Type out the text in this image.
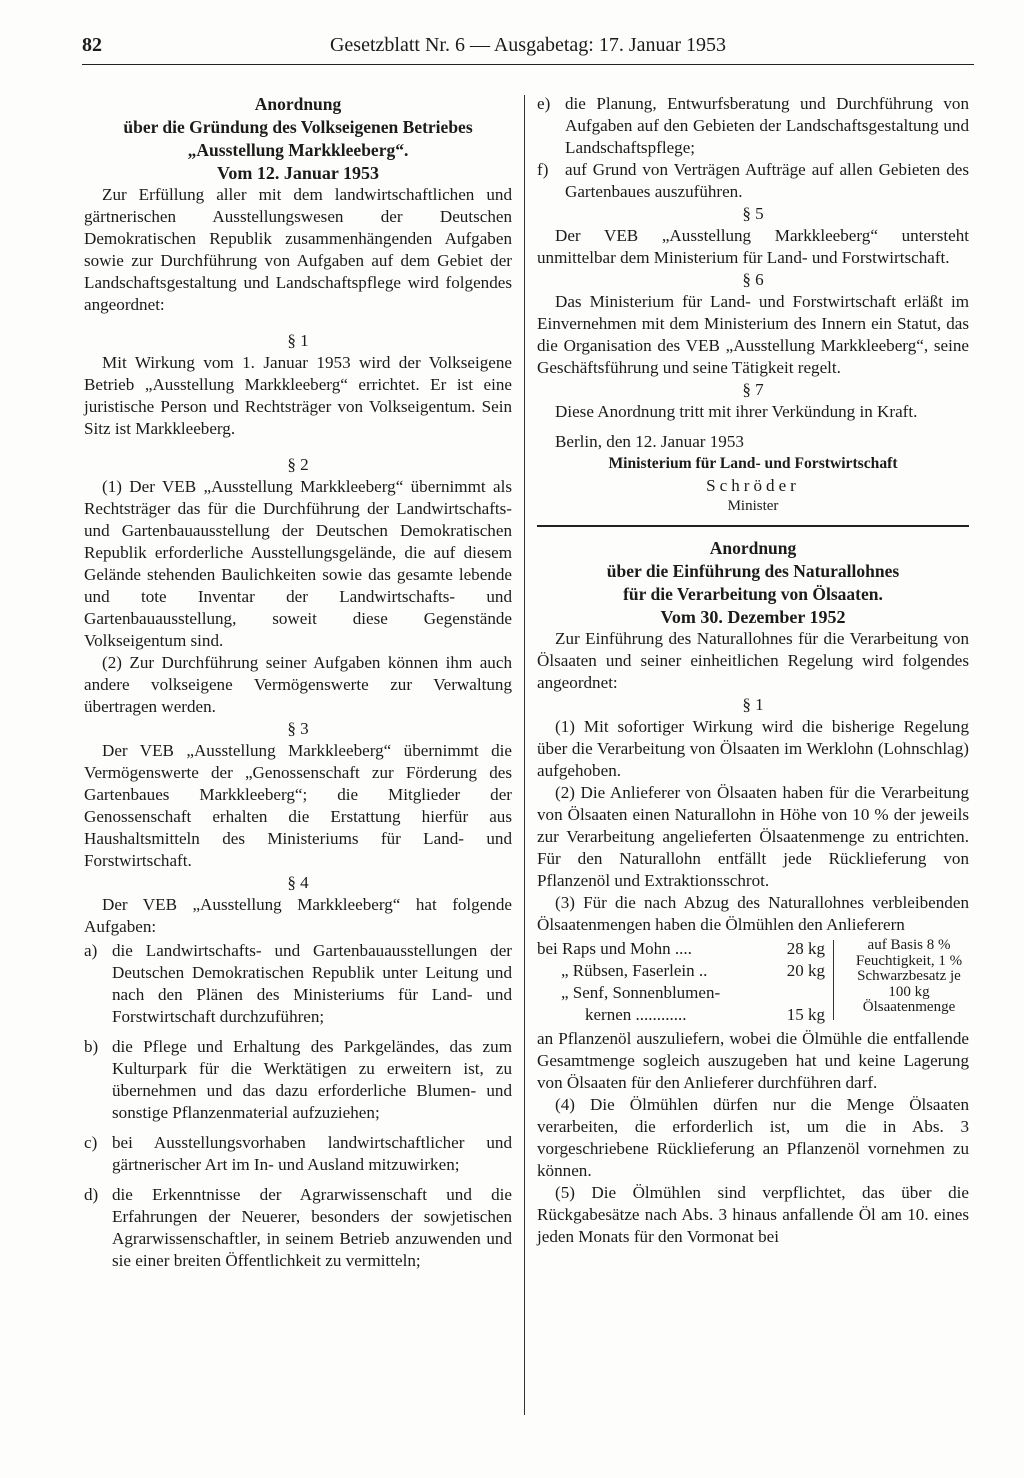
82	Gesetzblatt Nr. 6 — Ausgabetag: 17. Januar 1953

Anordnung

über die Gründung des Volkseigenen Betriebes

„Ausstellung Markkleeberg“.

Vom 12. Januar 1953

Zur Erfüllung aller mit dem landwirtschaftlichen und gärtnerischen Ausstellungswesen der Deutschen Demokratischen Republik zusammenhängenden Aufgaben sowie zur Durchführung von Aufgaben auf dem Gebiet der Landschaftsgestaltung und Landschaftspflege wird folgendes angeordnet:

§ 1

Mit Wirkung vom 1. Januar 1953 wird der Volkseigene Betrieb „Ausstellung Markkleeberg“ errichtet. Er ist eine juristische Person und Rechtsträger von Volkseigentum. Sein Sitz ist Markkleeberg.

§ 2

(1) Der VEB „Ausstellung Markkleeberg“ übernimmt als Rechtsträger das für die Durchführung der Landwirtschafts- und Gartenbauausstellung der Deutschen Demokratischen Republik erforderliche Ausstellungsgelände, die auf diesem Gelände stehenden Baulichkeiten sowie das gesamte lebende und tote Inventar der Landwirtschafts- und Gartenbauausstellung, soweit diese Gegenstände Volkseigentum sind.

(2) Zur Durchführung seiner Aufgaben können ihm auch andere volkseigene Vermögenswerte zur Verwaltung übertragen werden.

§ 3

Der VEB „Ausstellung Markkleeberg“ übernimmt die Vermögenswerte der „Genossenschaft zur Förderung des Gartenbaues Markkleeberg“; die Mitglieder der Genossenschaft erhalten die Erstattung hierfür aus Haushaltsmitteln des Ministeriums für Land- und Forstwirtschaft.

§ 4

Der VEB „Ausstellung Markkleeberg“ hat folgende Aufgaben:

a) die Landwirtschafts- und Gartenbauausstellungen der Deutschen Demokratischen Republik unter Leitung und nach den Plänen des Ministeriums für Land- und Forstwirtschaft durchzuführen;
b) die Pflege und Erhaltung des Parkgeländes, das zum Kulturpark für die Werktätigen zu erweitern ist, zu übernehmen und das dazu erforderliche Blumen- und sonstige Pflanzenmaterial aufzuziehen;
c) bei Ausstellungsvorhaben landwirtschaftlicher und gärtnerischer Art im In- und Ausland mitzuwirken;
d) die Erkenntnisse der Agrarwissenschaft und die Erfahrungen der Neuerer, besonders der sowjetischen Agrarwissenschaftler, in seinem Betrieb anzuwenden und sie einer breiten Öffentlichkeit zu vermitteln;
e) die Planung, Entwurfsberatung und Durchführung von Aufgaben auf den Gebieten der Landschaftsgestaltung und Landschaftspflege;
f) auf Grund von Verträgen Aufträge auf allen Gebieten des Gartenbaues auszuführen.

§ 5

Der VEB „Ausstellung Markkleeberg“ untersteht unmittelbar dem Ministerium für Land- und Forstwirtschaft.

§ 6

Das Ministerium für Land- und Forstwirtschaft erläßt im Einvernehmen mit dem Ministerium des Innern ein Statut, das die Organisation des VEB „Ausstellung Markkleeberg“, seine Geschäftsführung und seine Tätigkeit regelt.

§ 7

Diese Anordnung tritt mit ihrer Verkündung in Kraft.

Berlin, den 12. Januar 1953

Ministerium für Land- und Forstwirtschaft

Schröder

Minister

Anordnung

über die Einführung des Naturallohnes

für die Verarbeitung von Ölsaaten.

Vom 30. Dezember 1952

Zur Einführung des Naturallohnes für die Verarbeitung von Ölsaaten und seiner einheitlichen Regelung wird folgendes angeordnet:

§ 1

(1) Mit sofortiger Wirkung wird die bisherige Regelung über die Verarbeitung von Ölsaaten im Werklohn (Lohnschlag) aufgehoben.

(2) Die Anlieferer von Ölsaaten haben für die Verarbeitung von Ölsaaten einen Naturallohn in Höhe von 10 % der jeweils zur Verarbeitung angelieferten Ölsaatenmenge zu entrichten. Für den Naturallohn entfällt jede Rücklieferung von Pflanzenöl und Extraktionsschrot.

(3) Für die nach Abzug des Naturallohnes verbleibenden Ölsaatenmengen haben die Ölmühlen den Anlieferern

bei Raps und Mohn ....	28 kg
„ Rübsen, Faserlein ..	20 kg
„ Senf, Sonnenblumen-
kernen ............	15 kg
auf Basis 8 % Feuchtigkeit, 1 % Schwarzbesatz je 100 kg Ölsaatenmenge

an Pflanzenöl auszuliefern, wobei die Ölmühle die entfallende Gesamtmenge sogleich auszugeben hat und keine Lagerung von Ölsaaten für den Anlieferer durchführen darf.

(4) Die Ölmühlen dürfen nur die Menge Ölsaaten verarbeiten, die erforderlich ist, um die in Abs. 3 vorgeschriebene Rücklieferung an Pflanzenöl vornehmen zu können.

(5) Die Ölmühlen sind verpflichtet, das über die Rückgabesätze nach Abs. 3 hinaus anfallende Öl am 10. eines jeden Monats für den Vormonat bei
